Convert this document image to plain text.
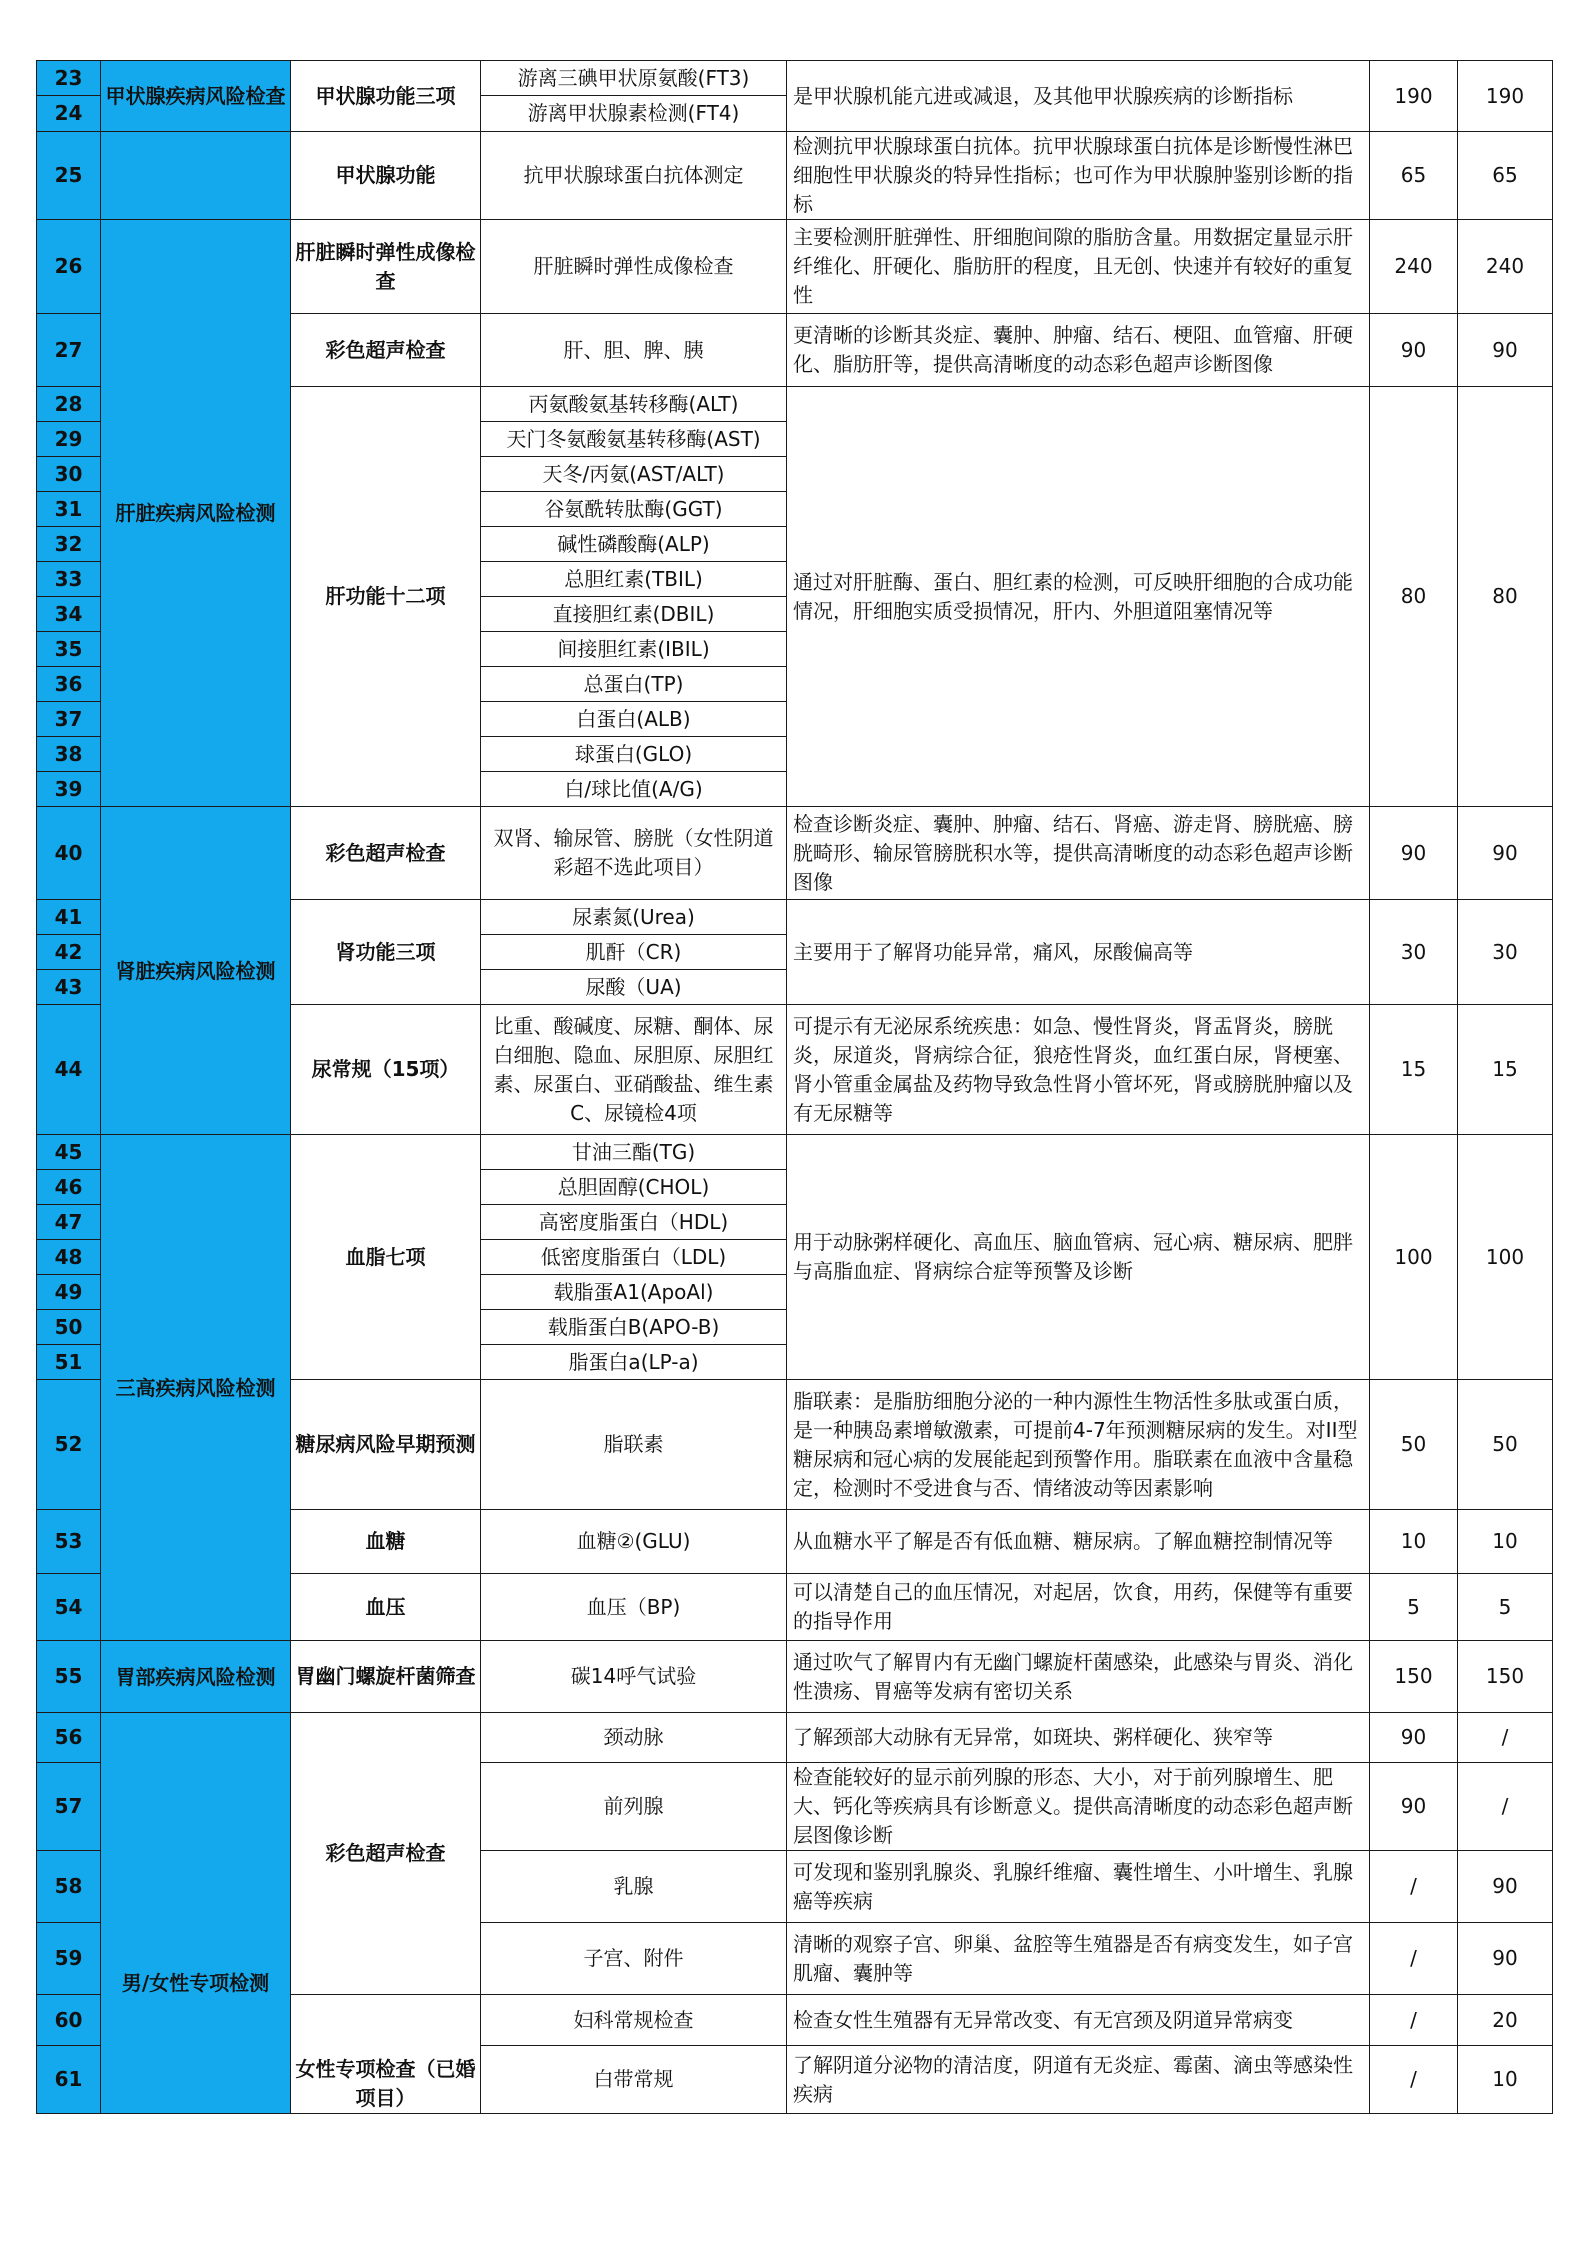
23	甲状腺疾病风险检查	甲状腺功能三项	游离三碘甲状原氨酸(FT3)	是甲状腺机能亢进或减退，及其他甲状腺疾病的诊断指标	190	190
24			游离甲状腺素检测(FT4)			
25		甲状腺功能	抗甲状腺球蛋白抗体测定	检测抗甲状腺球蛋白抗体。抗甲状腺球蛋白抗体是诊断慢性淋巴细胞性甲状腺炎的特异性指标；也可作为甲状腺肿鉴别诊断的指标	65	65
26	肝脏疾病风险检测	肝脏瞬时弹性成像检查	肝脏瞬时弹性成像检查	主要检测肝脏弹性、肝细胞间隙的脂肪含量。用数据定量显示肝纤维化、肝硬化、脂肪肝的程度，且无创、快速并有较好的重复性	240	240
27		彩色超声检查	肝、胆、脾、胰	更清晰的诊断其炎症、囊肿、肿瘤、结石、梗阻、血管瘤、肝硬化、脂肪肝等，提供高清晰度的动态彩色超声诊断图像	90	90
28		肝功能十二项	丙氨酸氨基转移酶(ALT)	通过对肝脏酶、蛋白、胆红素的检测，可反映肝细胞的合成功能情况，肝细胞实质受损情况，肝内、外胆道阻塞情况等	80	80
29			天门冬氨酸氨基转移酶(AST)			
30			天冬/丙氨(AST/ALT)			
31			谷氨酰转肽酶(GGT)			
32			碱性磷酸酶(ALP)			
33			总胆红素(TBIL)			
34			直接胆红素(DBIL)			
35			间接胆红素(IBIL)			
36			总蛋白(TP)			
37			白蛋白(ALB)			
38			球蛋白(GLO)			
39			白/球比值(A/G)			
40	肾脏疾病风险检测	彩色超声检查	双肾、输尿管、膀胱（女性阴道彩超不选此项目）	检查诊断炎症、囊肿、肿瘤、结石、肾癌、游走肾、膀胱癌、膀胱畸形、输尿管膀胱积水等，提供高清晰度的动态彩色超声诊断图像	90	90
41		肾功能三项	尿素氮(Urea)	主要用于了解肾功能异常，痛风，尿酸偏高等	30	30
42			肌酐（CR)			
43			尿酸（UA)			
44		尿常规（15项）	比重、酸碱度、尿糖、酮体、尿白细胞、隐血、尿胆原、尿胆红素、尿蛋白、亚硝酸盐、维生素C、尿镜检4项	可提示有无泌尿系统疾患：如急、慢性肾炎，肾盂肾炎，膀胱炎，尿道炎，肾病综合征，狼疮性肾炎，血红蛋白尿，肾梗塞、肾小管重金属盐及药物导致急性肾小管坏死，肾或膀胱肿瘤以及有无尿糖等	15	15
45	三高疾病风险检测	血脂七项	甘油三酯(TG)	用于动脉粥样硬化、高血压、脑血管病、冠心病、糖尿病、肥胖与高脂血症、肾病综合症等预警及诊断	100	100
46			总胆固醇(CHOL)			
47			高密度脂蛋白（HDL)			
48			低密度脂蛋白（LDL)			
49			载脂蛋A1(ApoAl)			
50			载脂蛋白B(APO-B)			
51			脂蛋白a(LP-a)			
52		糖尿病风险早期预测	脂联素	脂联素：是脂肪细胞分泌的一种内源性生物活性多肽或蛋白质，是一种胰岛素增敏激素，可提前4-7年预测糖尿病的发生。对II型糖尿病和冠心病的发展能起到预警作用。脂联素在血液中含量稳定，检测时不受进食与否、情绪波动等因素影响	50	50
53		血糖	血糖②(GLU)	从血糖水平了解是否有低血糖、糖尿病。了解血糖控制情况等	10	10
54		血压	血压（BP)	可以清楚自己的血压情况，对起居，饮食，用药，保健等有重要的指导作用	5	5
55	胃部疾病风险检测	胃幽门螺旋杆菌筛查	碳14呼气试验	通过吹气了解胃内有无幽门螺旋杆菌感染，此感染与胃炎、消化性溃疡、胃癌等发病有密切关系	150	150
56	男/女性专项检测	彩色超声检查	颈动脉	了解颈部大动脉有无异常，如斑块、粥样硬化、狭窄等	90	/
57			前列腺	检查能较好的显示前列腺的形态、大小，对于前列腺增生、肥大、钙化等疾病具有诊断意义。提供高清晰度的动态彩色超声断层图像诊断	90	/
58			乳腺	可发现和鉴别乳腺炎、乳腺纤维瘤、囊性增生、小叶增生、乳腺癌等疾病	/	90
59			子宫、附件	清晰的观察子宫、卵巢、盆腔等生殖器是否有病变发生，如子宫肌瘤、囊肿等	/	90
60		女性专项检查（已婚项目）	妇科常规检查	检查女性生殖器有无异常改变、有无宫颈及阴道异常病变	/	20
61			白带常规	了解阴道分泌物的清洁度，阴道有无炎症、霉菌、滴虫等感染性疾病	/	10
